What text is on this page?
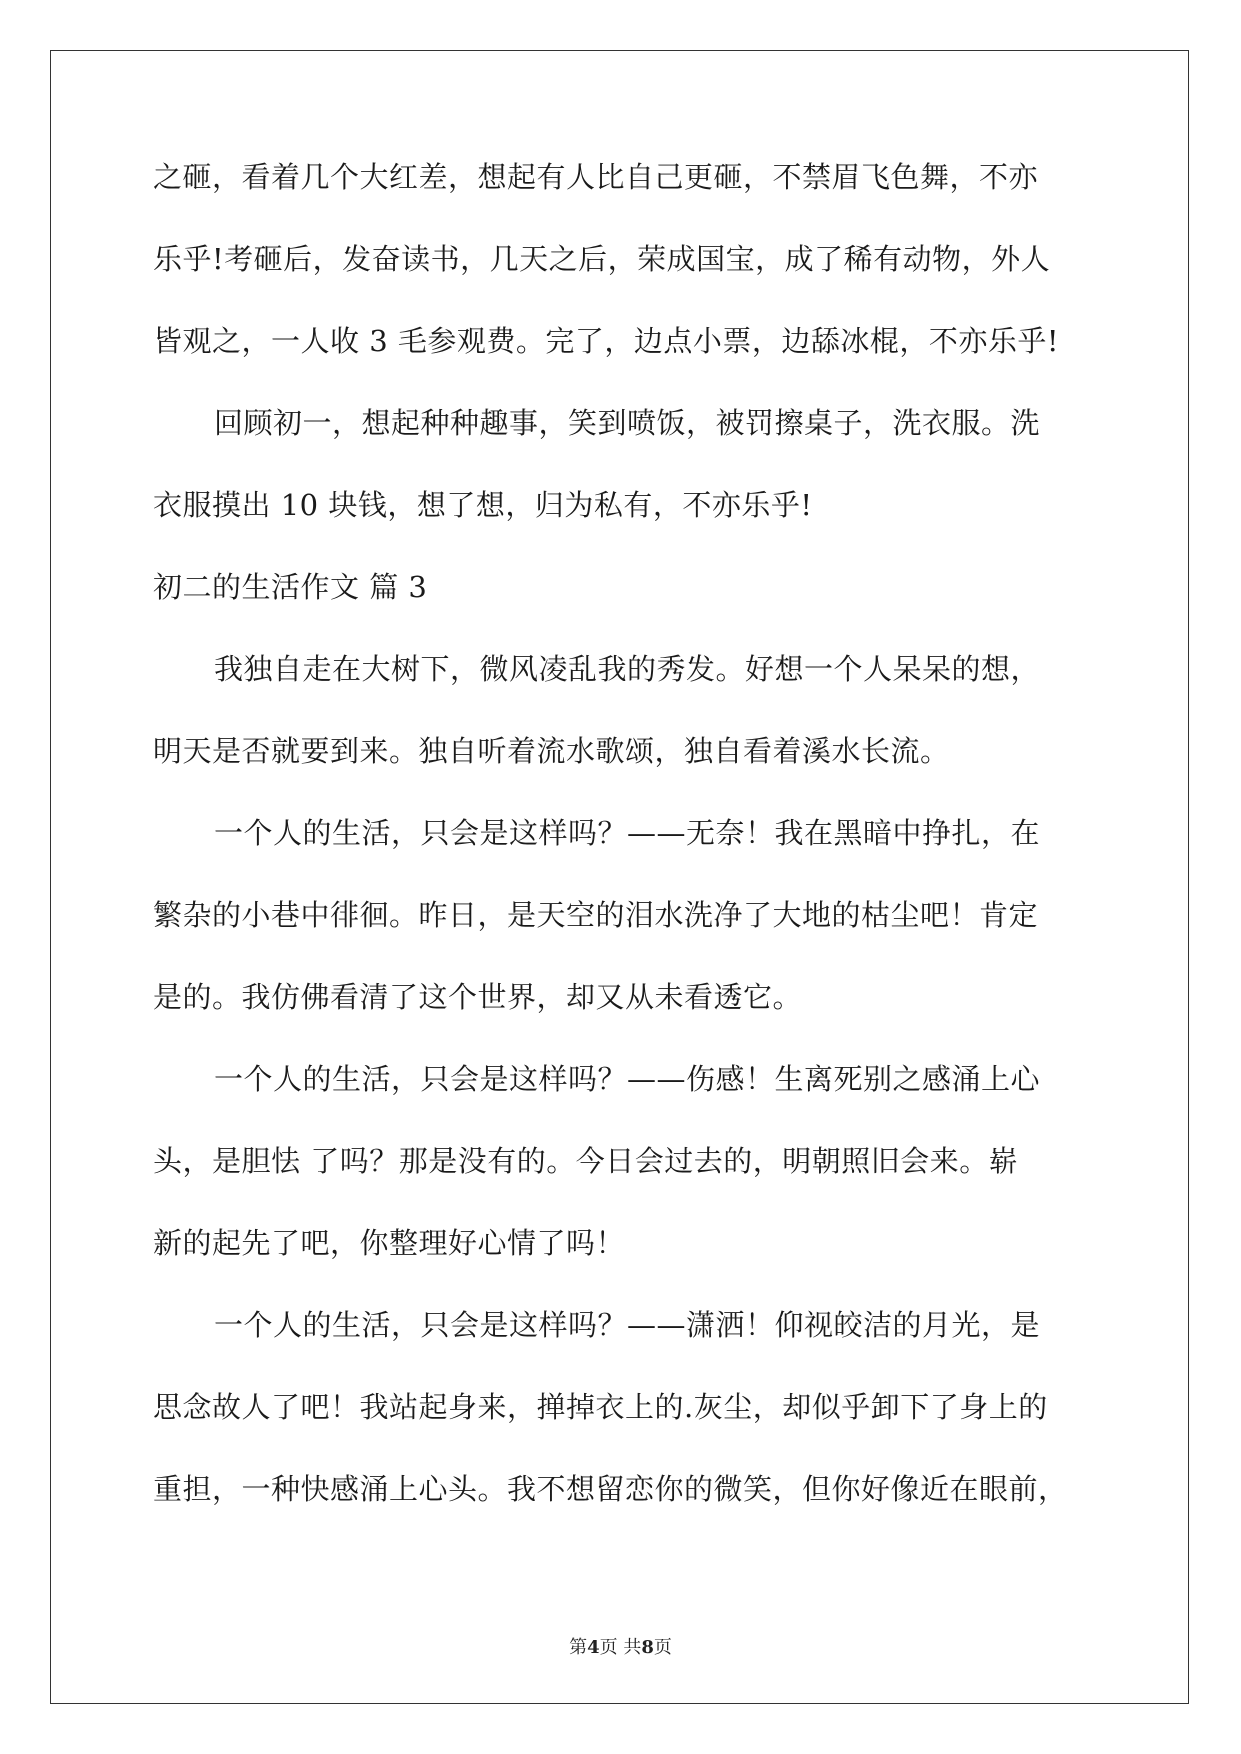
之砸，看着几个大红差，想起有人比自己更砸，不禁眉飞色舞，不亦
乐乎!考砸后，发奋读书，几天之后，荣成国宝，成了稀有动物，外人
皆观之，一人收 3 毛参观费。完了，边点小票，边舔冰棍，不亦乐乎!
回顾初一，想起种种趣事，笑到喷饭，被罚擦桌子，洗衣服。洗
衣服摸出 10 块钱，想了想，归为私有，不亦乐乎!
初二的生活作文 篇 3
我独自走在大树下，微风凌乱我的秀发。好想一个人呆呆的想，
明天是否就要到来。独自听着流水歌颂，独自看着溪水长流。
一个人的生活，只会是这样吗？——无奈！我在黑暗中挣扎，在
繁杂的小巷中徘徊。昨日，是天空的泪水洗净了大地的枯尘吧！肯定
是的。我仿佛看清了这个世界，却又从未看透它。
一个人的生活，只会是这样吗？——伤感！生离死别之感涌上心
头，是胆怯 了吗？那是没有的。今日会过去的，明朝照旧会来。崭
新的起先了吧，你整理好心情了吗！
一个人的生活，只会是这样吗？——潇洒！仰视皎洁的月光，是
思念故人了吧！我站起身来，掸掉衣上的.灰尘，却似乎卸下了身上的
重担，一种快感涌上心头。我不想留恋你的微笑，但你好像近在眼前，
第4页 共8页
